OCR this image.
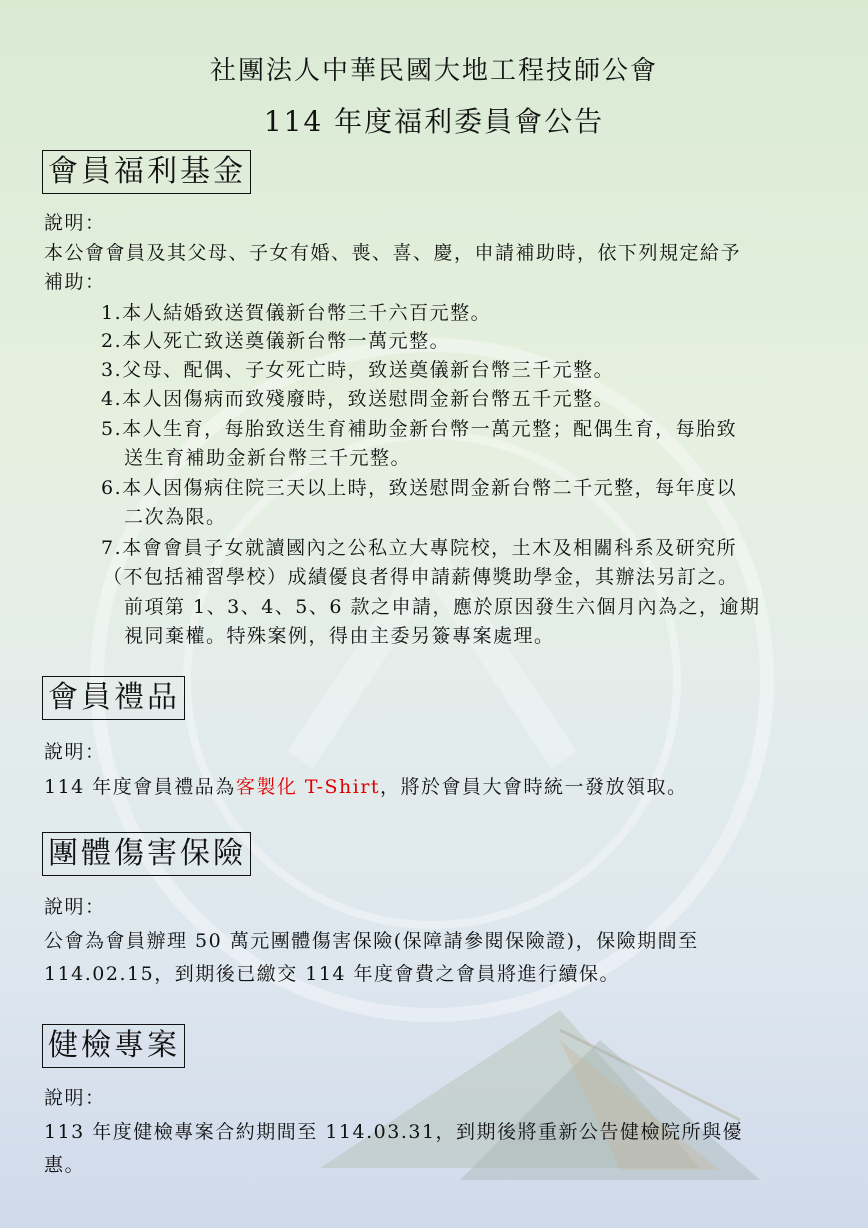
社團法人中華民國大地工程技師公會
114 年度福利委員會公告
會員福利基金
說明：
本公會會員及其父母、子女有婚、喪、喜、慶，申請補助時，依下列規定給予
補助：
1.本人結婚致送賀儀新台幣三千六百元整。
2.本人死亡致送奠儀新台幣一萬元整。
3.父母、配偶、子女死亡時，致送奠儀新台幣三千元整。
4.本人因傷病而致殘廢時，致送慰問金新台幣五千元整。
5.本人生育，每胎致送生育補助金新台幣一萬元整；配偶生育，每胎致
送生育補助金新台幣三千元整。
6.本人因傷病住院三天以上時，致送慰問金新台幣二千元整，每年度以
二次為限。
7.本會會員子女就讀國內之公私立大專院校，土木及相關科系及研究所
（不包括補習學校）成績優良者得申請薪傳獎助學金，其辦法另訂之。
前項第 1、3、4、5、6 款之申請，應於原因發生六個月內為之，逾期
視同棄權。特殊案例，得由主委另簽專案處理。
會員禮品
說明：
114 年度會員禮品為客製化 T-Shirt，將於會員大會時統一發放領取。
團體傷害保險
說明：
公會為會員辦理 50 萬元團體傷害保險(保障請參閱保險證)，保險期間至
114.02.15，到期後已繳交 114 年度會費之會員將進行續保。
健檢專案
說明：
113 年度健檢專案合約期間至 114.03.31，到期後將重新公告健檢院所與優
惠。
